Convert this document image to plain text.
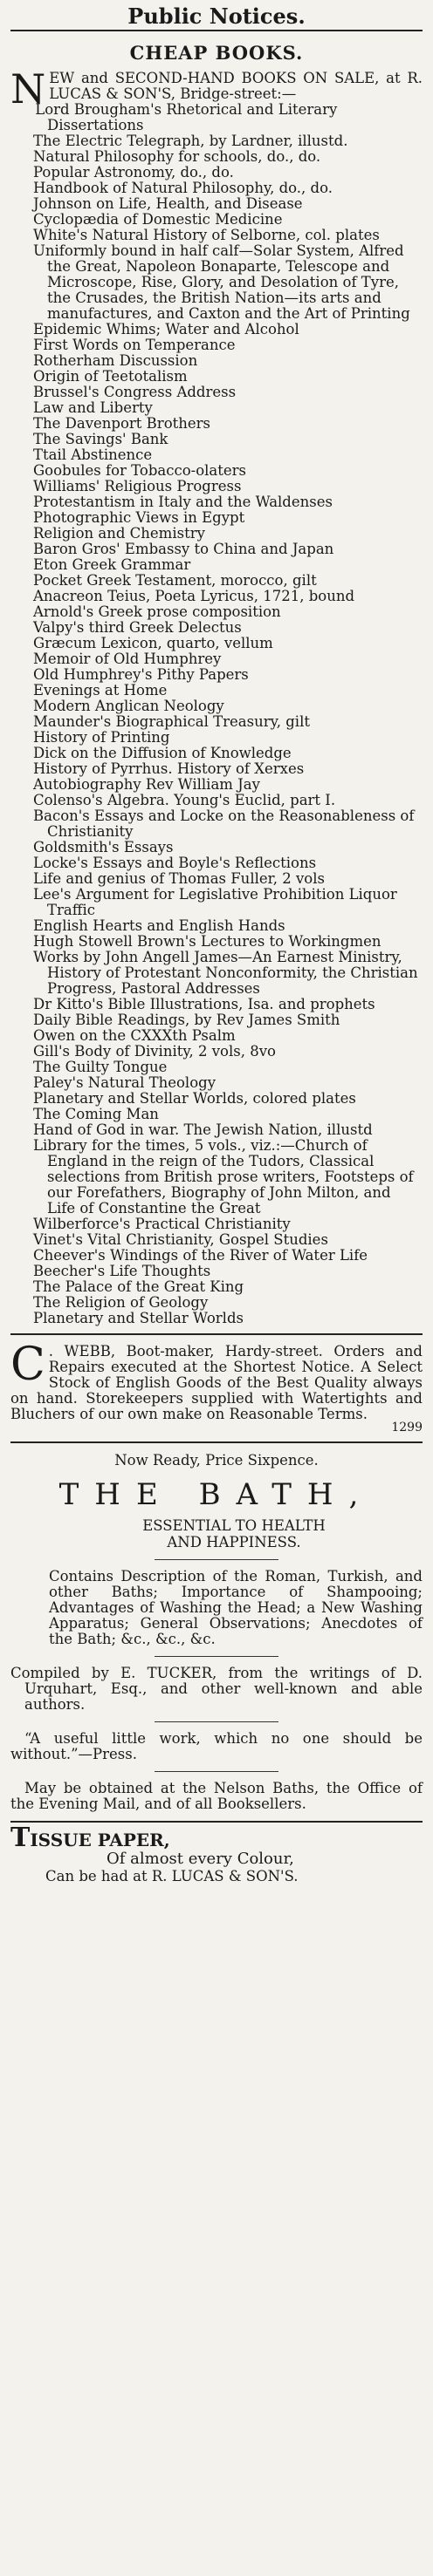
Public Notices.
CHEAP BOOKS.
N EW and SECOND-HAND BOOKS ON SALE, at R. LUCAS & SON'S, Bridge-street:—
Lord Brougham's Rhetorical and Literary Dissertations
The Electric Telegraph, by Lardner, illustd.
Natural Philosophy for schools, do., do.
Popular Astronomy, do., do.
Handbook of Natural Philosophy, do., do.
Johnson on Life, Health, and Disease
Cyclopædia of Domestic Medicine
White's Natural History of Selborne, col. plates
Uniformly bound in half calf—Solar System, Alfred the Great, Napoleon Bonaparte, Telescope and Microscope, Rise, Glory, and Desolation of Tyre, the Crusades, the British Nation—its arts and manufactures, and Caxton and the Art of Printing
Epidemic Whims; Water and Alcohol
First Words on Temperance
Rotherham Discussion
Origin of Teetotalism
Brussel's Congress Address
Law and Liberty
The Davenport Brothers
The Savings' Bank
Ttail Abstinence
Goobules for Tobacco-olaters
Williams' Religious Progress
Protestantism in Italy and the Waldenses
Photographic Views in Egypt
Religion and Chemistry
Baron Gros' Embassy to China and Japan
Eton Greek Grammar
Pocket Greek Testament, morocco, gilt
Anacreon Teius, Poeta Lyricus, 1721, bound
Arnold's Greek prose composition
Valpy's third Greek Delectus
Græcum Lexicon, quarto, vellum
Memoir of Old Humphrey
Old Humphrey's Pithy Papers
Evenings at Home
Modern Anglican Neology
Maunder's Biographical Treasury, gilt
History of Printing
Dick on the Diffusion of Knowledge
History of Pyrrhus. History of Xerxes
Autobiography Rev William Jay
Colenso's Algebra. Young's Euclid, part I.
Bacon's Essays and Locke on the Reasonableness of Christianity
Goldsmith's Essays
Locke's Essays and Boyle's Reflections
Life and genius of Thomas Fuller, 2 vols
Lee's Argument for Legislative Prohibition Liquor Traffic
English Hearts and English Hands
Hugh Stowell Brown's Lectures to Workingmen
Works by John Angell James—An Earnest Ministry, History of Protestant Nonconformity, the Christian Progress, Pastoral Addresses
Dr Kitto's Bible Illustrations, Isa. and prophets
Daily Bible Readings, by Rev James Smith
Owen on the CXXXth Psalm
Gill's Body of Divinity, 2 vols, 8vo
The Guilty Tongue
Paley's Natural Theology
Planetary and Stellar Worlds, colored plates
The Coming Man
Hand of God in war. The Jewish Nation, illustd
Library for the times, 5 vols., viz.:—Church of England in the reign of the Tudors, Classical selections from British prose writers, Footsteps of our Forefathers, Biography of John Milton, and Life of Constantine the Great
Wilberforce's Practical Christianity
Vinet's Vital Christianity, Gospel Studies
Cheever's Windings of the River of Water Life
Beecher's Life Thoughts
The Palace of the Great King
The Religion of Geology
Planetary and Stellar Worlds
C . WEBB, Boot-maker, Hardy-street. Orders and Repairs executed at the Shortest Notice. A Select Stock of English Goods of the Best Quality always on hand. Storekeepers supplied with Watertights and Bluchers of our own make on Reasonable Terms.
1299
Now Ready, Price Sixpence.
THE BATH,
ESSENTIAL TO HEALTH
AND HAPPINESS.
Contains Description of the Roman, Turkish, and other Baths; Importance of Shampooing; Advantages of Washing the Head; a New Washing Apparatus; General Observations; Anecdotes of the Bath; &c., &c., &c.
Compiled by E. TUCKER, from the writings of D. Urquhart, Esq., and other well-known and able authors.
“A useful little work, which no one should be without.”—Press.
May be obtained at the Nelson Baths, the Office of the Evening Mail, and of all Booksellers.
TISSUE PAPER,
Of almost every Colour,
Can be had at R. LUCAS & SON'S.
